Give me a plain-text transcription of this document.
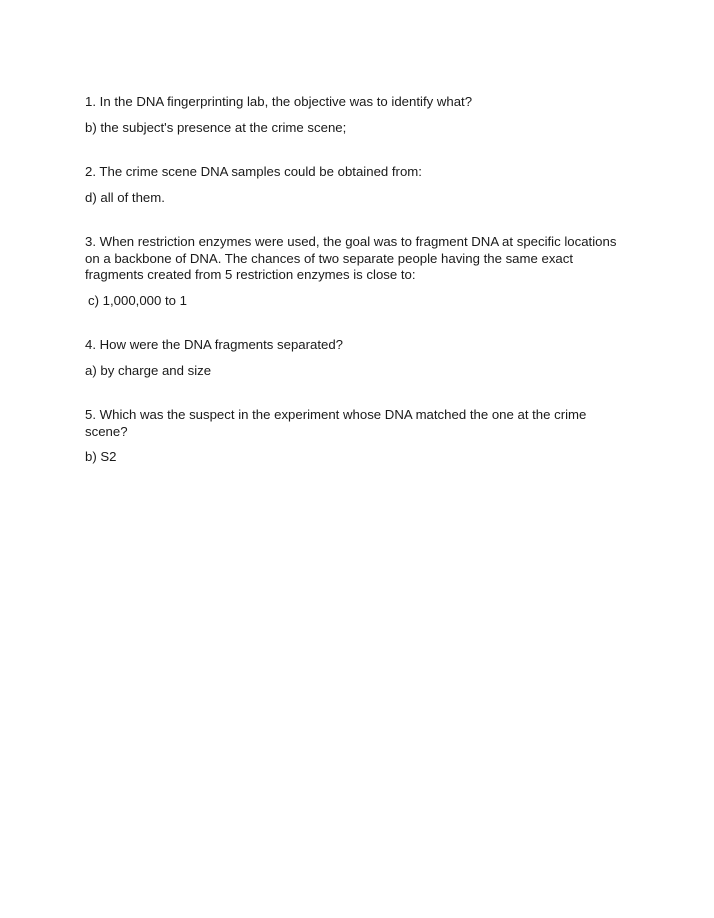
1. In the DNA fingerprinting lab, the objective was to identify what?

b) the subject's presence at the crime scene;

2. The crime scene DNA samples could be obtained from:

d) all of them.

3. When restriction enzymes were used, the goal was to fragment DNA at specific locations on a backbone of DNA. The chances of two separate people having the same exact fragments created from 5 restriction enzymes is close to:

c) 1,000,000 to 1

4. How were the DNA fragments separated?

a) by charge and size

5. Which was the suspect in the experiment whose DNA matched the one at the crime scene?

b) S2
